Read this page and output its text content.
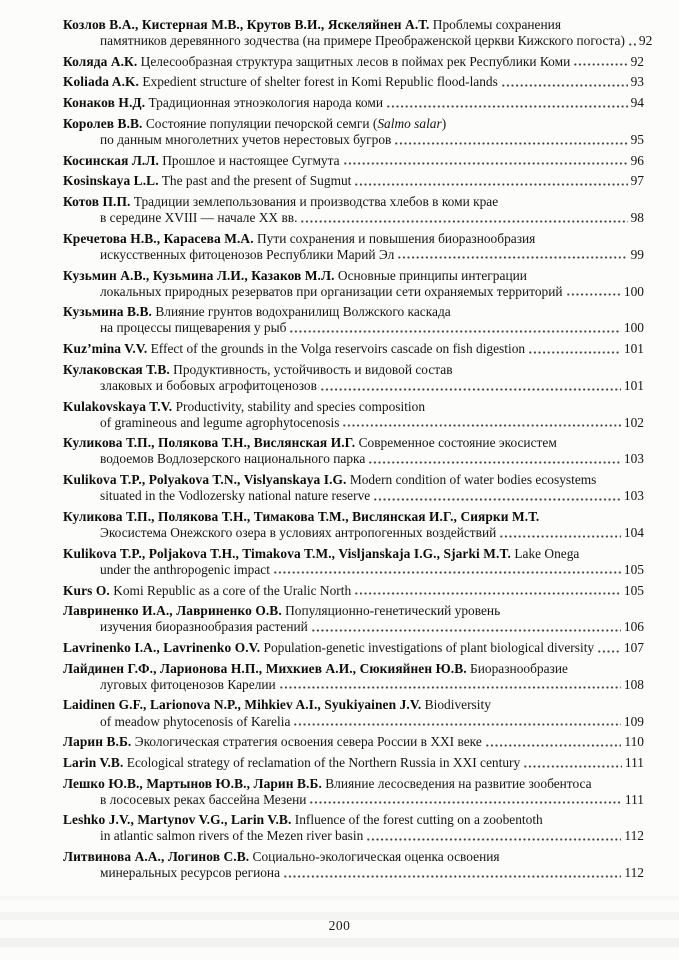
Козлов В.А., Кистерная М.В., Крутов В.И., Яскеляйнен А.Т. Проблемы сохранения
памятников деревянного зодчества (на примере Преображенской церкви Кижского погоста) 92
Коляда А.К. Целесообразная структура защитных лесов в поймах рек Республики Коми	92
Koliada A.K. Expedient structure of shelter forest in Komi Republic flood-lands	93
Конаков Н.Д. Традиционная этноэкология народа коми	94
Королев В.В. Состояние популяции печорской семги (Salmo salar)
по данным многолетних учетов нерестовых бугров	95
Косинская Л.Л. Прошлое и настоящее Сугмута	96
Kosinskaya L.L. The past and the present of Sugmut	97
Котов П.П. Традиции землепользования и производства хлебов в коми крае
в середине XVIII — начале XX вв.	98
Кречетова Н.В., Карасева М.А. Пути сохранения и повышения биоразнообразия
искусственных фитоценозов Республики Марий Эл	99
Кузьмин А.В., Кузьмина Л.И., Казаков М.Л. Основные принципы интеграции
локальных природных резерватов при организации сети охраняемых территорий	100
Кузьмина В.В. Влияние грунтов водохранилищ Волжского каскада
на процессы пищеварения у рыб	100
Kuz’mina V.V. Effect of the grounds in the Volga reservoirs cascade on fish digestion	101
Кулаковская Т.В. Продуктивность, устойчивость и видовой состав
злаковых и бобовых агрофитоценозов	101
Kulakovskaya T.V. Productivity, stability and species composition
of gramineous and legume agrophytocenosis	102
Куликова Т.П., Полякова Т.Н., Вислянская И.Г. Современное состояние экосистем
водоемов Водлозерского национального парка	103
Kulikova T.P., Polyakova T.N., Vislyanskaya I.G. Modern condition of water bodies ecosystems
situated in the Vodlozersky national nature reserve	103
Куликова Т.П., Полякова Т.Н., Тимакова Т.М., Вислянская И.Г., Сиярки М.Т.
Экосистема Онежского озера в условиях антропогенных воздействий	104
Kulikova T.P., Poljakova T.H., Timakova T.M., Visljanskaja I.G., Sjarki M.T. Lake Onega
under the anthropogenic impact	105
Kurs O. Komi Republic as a core of the Uralic North	105
Лавриненко И.А., Лавриненко О.В. Популяционно-генетический уровень
изучения биоразнообразия растений	106
Lavrinenko I.A., Lavrinenko O.V. Population-genetic investigations of plant biological diversity 107
Лайдинен Г.Ф., Ларионова Н.П., Михкиев А.И., Сюкияйнен Ю.В. Биоразнообразие
луговых фитоценозов Карелии	108
Laidinen G.F., Larionova N.P., Mihkiev A.I., Syukiyainen J.V. Biodiversity
of meadow phytocenosis of Karelia	109
Ларин В.Б. Экологическая стратегия освоения севера России в XXI веке	110
Larin V.B. Ecological strategy of reclamation of the Northern Russia in XXI century	111
Лешко Ю.В., Мартынов Ю.В., Ларин В.Б. Влияние лесосведения на развитие зообентоса
в лососевых реках бассейна Мезени	111
Leshko J.V., Martynov V.G., Larin V.B. Influence of the forest cutting on a zoobentoth
in atlantic salmon rivers of the Mezen river basin	112
Литвинова А.А., Логинов С.В. Социально-экологическая оценка освоения
минеральных ресурсов региона	112
200
